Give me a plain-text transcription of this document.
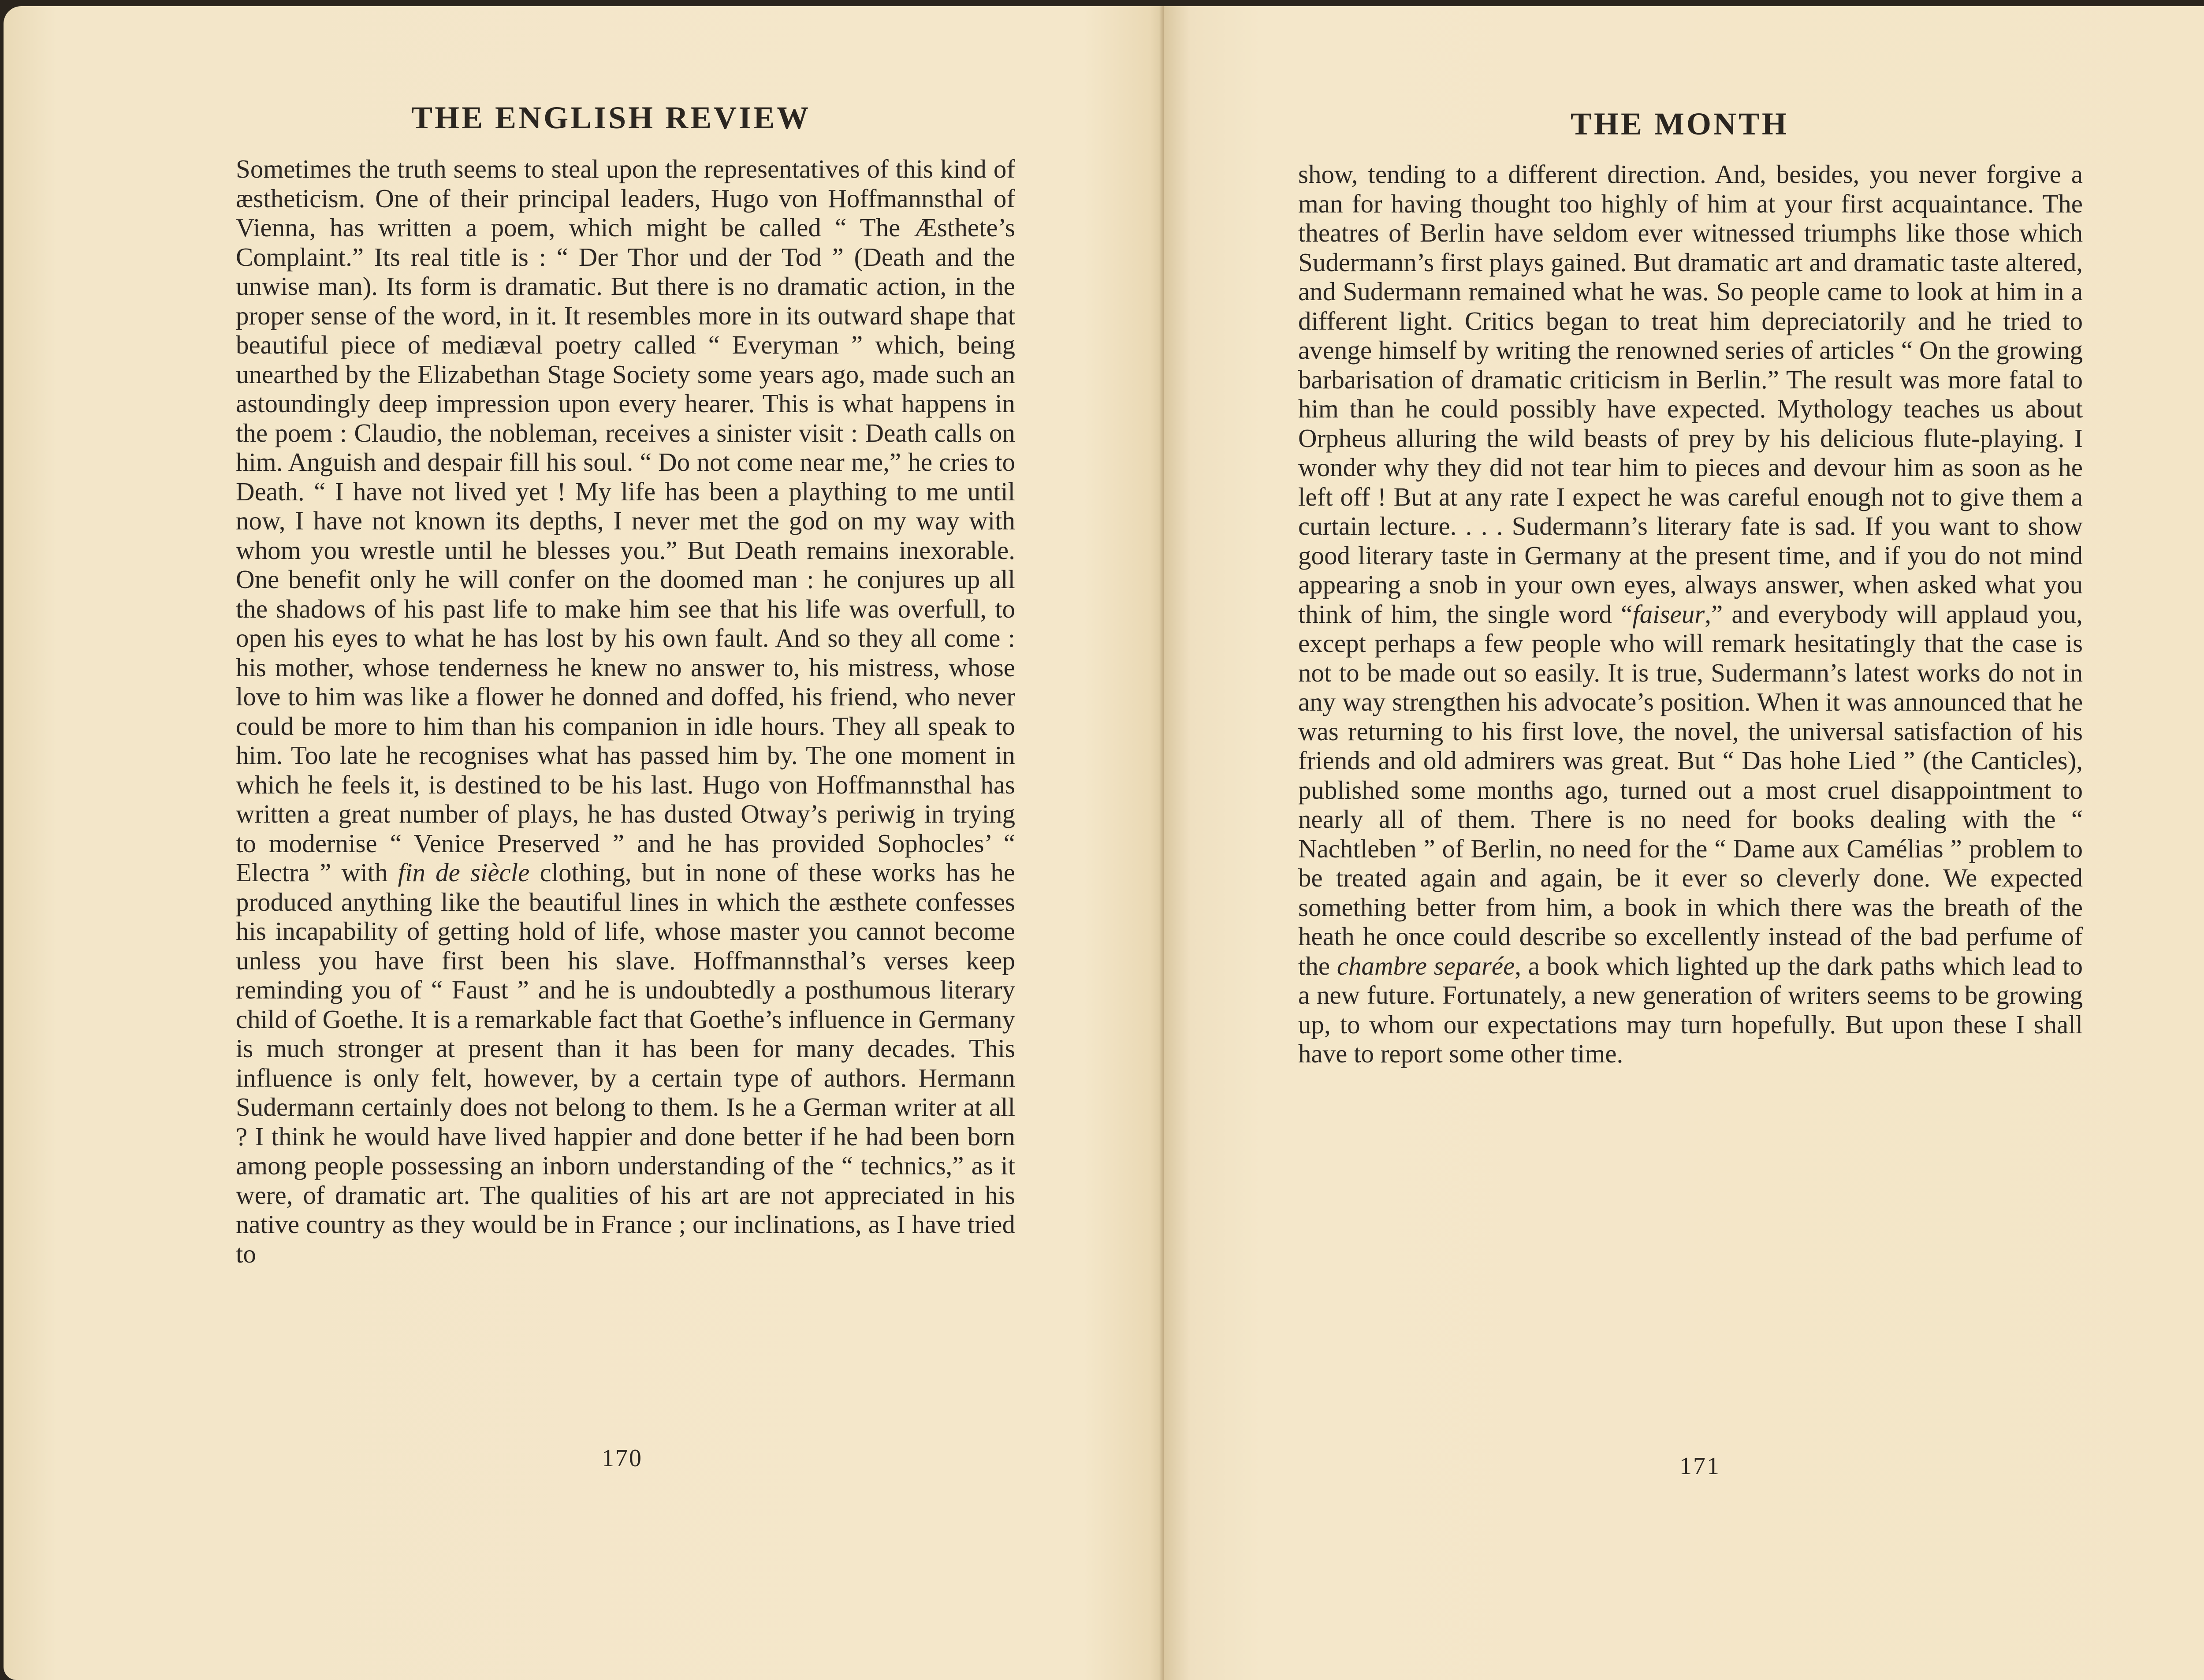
THE ENGLISH REVIEW

Sometimes the truth seems to steal upon the representatives of this kind of æstheticism. One of their principal leaders, Hugo von Hoffmannsthal of Vienna, has written a poem, which might be called “ The Æsthete’s Complaint.” Its real title is : “ Der Thor und der Tod ” (Death and the unwise man). Its form is dramatic. But there is no dramatic action, in the proper sense of the word, in it. It resembles more in its outward shape that beautiful piece of mediæval poetry called “ Everyman ” which, being unearthed by the Elizabethan Stage Society some years ago, made such an astoundingly deep impression upon every hearer. This is what happens in the poem : Claudio, the nobleman, receives a sinister visit : Death calls on him. Anguish and despair fill his soul. “ Do not come near me,” he cries to Death. “ I have not lived yet ! My life has been a plaything to me until now, I have not known its depths, I never met the god on my way with whom you wrestle until he blesses you.” But Death remains inexorable. One benefit only he will confer on the doomed man : he conjures up all the shadows of his past life to make him see that his life was overfull, to open his eyes to what he has lost by his own fault. And so they all come : his mother, whose tenderness he knew no answer to, his mistress, whose love to him was like a flower he donned and doffed, his friend, who never could be more to him than his companion in idle hours. They all speak to him. Too late he recognises what has passed him by. The one moment in which he feels it, is destined to be his last. Hugo von Hoffmannsthal has written a great number of plays, he has dusted Otway’s periwig in trying to modernise “ Venice Preserved ” and he has provided Sophocles’ “ Electra ” with fin de siècle clothing, but in none of these works has he produced anything like the beautiful lines in which the æsthete confesses his incapability of getting hold of life, whose master you cannot become unless you have first been his slave. Hoffmannsthal’s verses keep reminding you of “ Faust ” and he is undoubtedly a posthumous literary child of Goethe. It is a remarkable fact that Goethe’s influence in Germany is much stronger at present than it has been for many decades. This influence is only felt, however, by a certain type of authors. Hermann Sudermann certainly does not belong to them. Is he a German writer at all ? I think he would have lived happier and done better if he had been born among people possessing an inborn understanding of the “ technics,” as it were, of dramatic art. The qualities of his art are not appreciated in his native country as they would be in France ; our inclinations, as I have tried to

170
THE MONTH

show, tending to a different direction. And, besides, you never forgive a man for having thought too highly of him at your first acquaintance. The theatres of Berlin have seldom ever witnessed triumphs like those which Sudermann’s first plays gained. But dramatic art and dramatic taste altered, and Sudermann remained what he was. So people came to look at him in a different light. Critics began to treat him depreciatorily and he tried to avenge himself by writing the renowned series of articles “ On the growing barbarisation of dramatic criticism in Berlin.” The result was more fatal to him than he could possibly have expected. Mythology teaches us about Orpheus alluring the wild beasts of prey by his delicious flute-playing. I wonder why they did not tear him to pieces and devour him as soon as he left off ! But at any rate I expect he was careful enough not to give them a curtain lecture. . . . Sudermann’s literary fate is sad. If you want to show good literary taste in Germany at the present time, and if you do not mind appearing a snob in your own eyes, always answer, when asked what you think of him, the single word “faiseur,” and everybody will applaud you, except perhaps a few people who will remark hesitatingly that the case is not to be made out so easily. It is true, Sudermann’s latest works do not in any way strengthen his advocate’s position. When it was announced that he was returning to his first love, the novel, the universal satisfaction of his friends and old admirers was great. But “ Das hohe Lied ” (the Canticles), published some months ago, turned out a most cruel disappointment to nearly all of them. There is no need for books dealing with the “ Nachtleben ” of Berlin, no need for the “ Dame aux Camélias ” problem to be treated again and again, be it ever so cleverly done. We expected something better from him, a book in which there was the breath of the heath he once could describe so excellently instead of the bad perfume of the chambre separée, a book which lighted up the dark paths which lead to a new future. Fortunately, a new generation of writers seems to be growing up, to whom our expectations may turn hopefully. But upon these I shall have to report some other time.

171
